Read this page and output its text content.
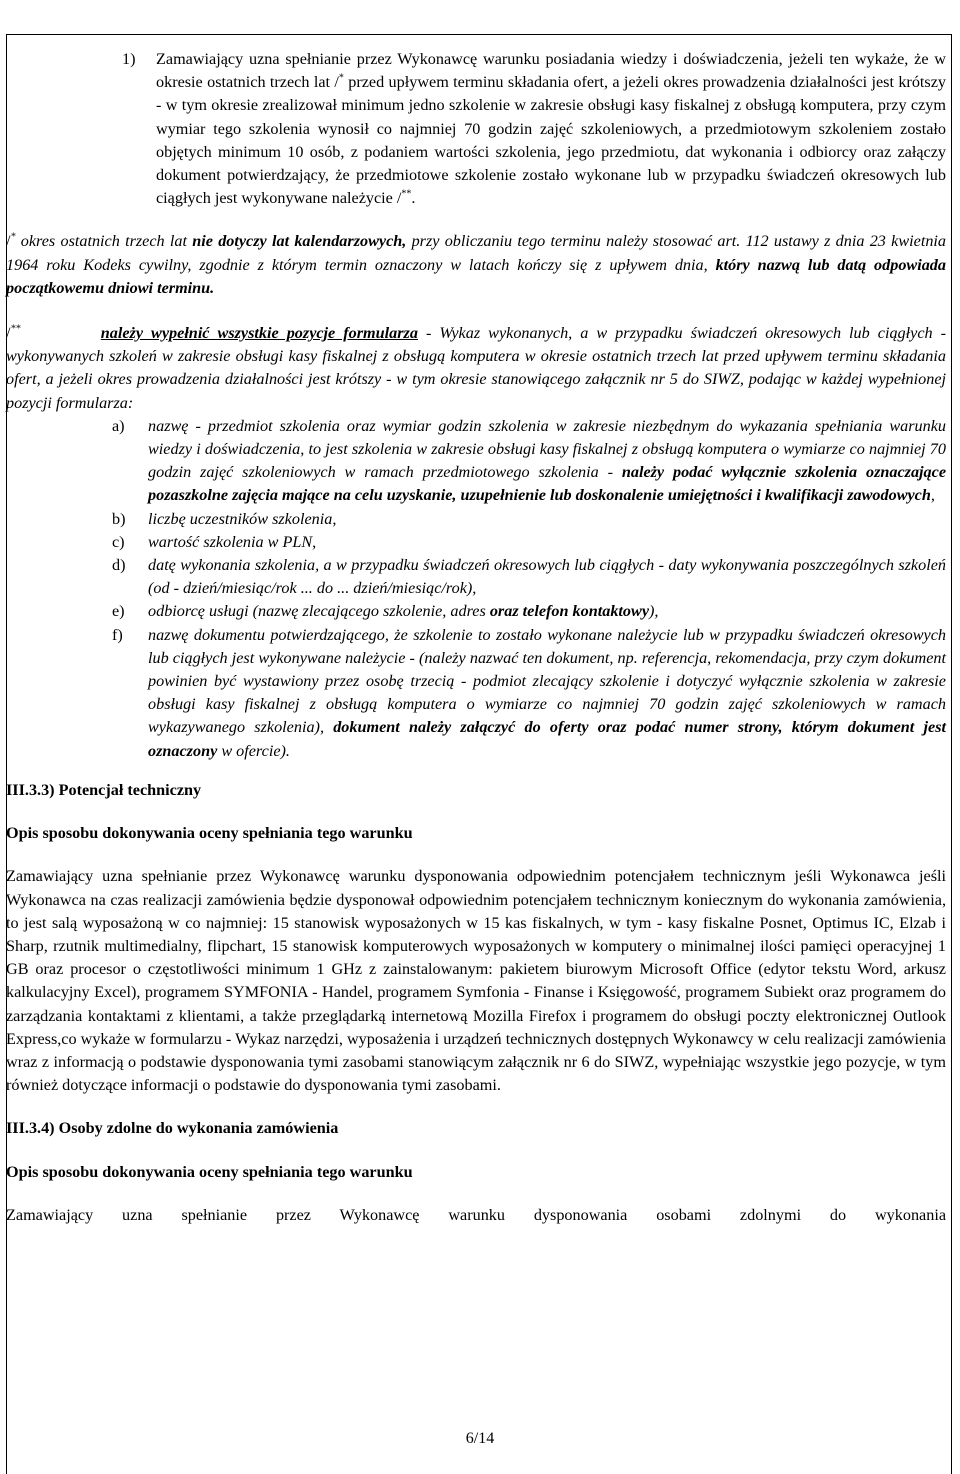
1) Zamawiający uzna spełnianie przez Wykonawcę warunku posiadania wiedzy i doświadczenia, jeżeli ten wykaże, że w okresie ostatnich trzech lat /* przed upływem terminu składania ofert, a jeżeli okres prowadzenia działalności jest krótszy - w tym okresie zrealizował minimum jedno szkolenie w zakresie obsługi kasy fiskalnej z obsługą komputera, przy czym wymiar tego szkolenia wynosił co najmniej 70 godzin zajęć szkoleniowych, a przedmiotowym szkoleniem zostało objętych minimum 10 osób, z podaniem wartości szkolenia, jego przedmiotu, dat wykonania i odbiorcy oraz załączy dokument potwierdzający, że przedmiotowe szkolenie zostało wykonane lub w przypadku świadczeń okresowych lub ciągłych jest wykonywane należycie /**.
/* okres ostatnich trzech lat nie dotyczy lat kalendarzowych, przy obliczaniu tego terminu należy stosować art. 112 ustawy z dnia 23 kwietnia 1964 roku Kodeks cywilny, zgodnie z którym termin oznaczony w latach kończy się z upływem dnia, który nazwą lub datą odpowiada początkowemu dniowi terminu.
/**	należy wypełnić wszystkie pozycje formularza - Wykaz wykonanych, a w przypadku świadczeń okresowych lub ciągłych - wykonywanych szkoleń w zakresie obsługi kasy fiskalnej z obsługą komputera w okresie ostatnich trzech lat przed upływem terminu składania ofert, a jeżeli okres prowadzenia działalności jest krótszy - w tym okresie stanowiącego załącznik nr 5 do SIWZ, podając w każdej wypełnionej pozycji formularza:
a) nazwę - przedmiot szkolenia oraz wymiar godzin szkolenia w zakresie niezbędnym do wykazania spełniania warunku wiedzy i doświadczenia, to jest szkolenia w zakresie obsługi kasy fiskalnej z obsługą komputera o wymiarze co najmniej 70 godzin zajęć szkoleniowych w ramach przedmiotowego szkolenia - należy podać wyłącznie szkolenia oznaczające pozaszkolne zajęcia mające na celu uzyskanie, uzupełnienie lub doskonalenie umiejętności i kwalifikacji zawodowych,
b) liczbę uczestników szkolenia,
c) wartość szkolenia w PLN,
d) datę wykonania szkolenia, a w przypadku świadczeń okresowych lub ciągłych - daty wykonywania poszczególnych szkoleń (od - dzień/miesiąc/rok ... do ... dzień/miesiąc/rok),
e) odbiorcę usługi (nazwę zlecającego szkolenie, adres oraz telefon kontaktowy),
f) nazwę dokumentu potwierdzającego, że szkolenie to zostało wykonane należycie lub w przypadku świadczeń okresowych lub ciągłych jest wykonywane należycie - (należy nazwać ten dokument, np. referencja, rekomendacja, przy czym dokument powinien być wystawiony przez osobę trzecią - podmiot zlecający szkolenie i dotyczyć wyłącznie szkolenia w zakresie obsługi kasy fiskalnej z obsługą komputera o wymiarze co najmniej 70 godzin zajęć szkoleniowych w ramach wykazywanego szkolenia), dokument należy załączyć do oferty oraz podać numer strony, którym dokument jest oznaczony w ofercie).
III.3.3) Potencjał techniczny
Opis sposobu dokonywania oceny spełniania tego warunku
Zamawiający uzna spełnianie przez Wykonawcę warunku dysponowania odpowiednim potencjałem technicznym jeśli Wykonawca jeśli Wykonawca na czas realizacji zamówienia będzie dysponował odpowiednim potencjałem technicznym koniecznym do wykonania zamówienia, to jest salą wyposażoną w co najmniej: 15 stanowisk wyposażonych w 15 kas fiskalnych, w tym - kasy fiskalne Posnet, Optimus IC, Elzab i Sharp, rzutnik multimedialny, flipchart, 15 stanowisk komputerowych wyposażonych w komputery o minimalnej ilości pamięci operacyjnej 1 GB oraz procesor o częstotliwości minimum 1 GHz z zainstalowanym: pakietem biurowym Microsoft Office (edytor tekstu Word, arkusz kalkulacyjny Excel), programem SYMFONIA - Handel, programem Symfonia - Finanse i Księgowość, programem Subiekt oraz programem do zarządzania kontaktami z klientami, a także przeglądarką internetową Mozilla Firefox i programem do obsługi poczty elektronicznej Outlook Express,co wykaże w formularzu - Wykaz narzędzi, wyposażenia i urządzeń technicznych dostępnych Wykonawcy w celu realizacji zamówienia wraz z informacją o podstawie dysponowania tymi zasobami stanowiącym załącznik nr 6 do SIWZ, wypełniając wszystkie jego pozycje, w tym również dotyczące informacji o podstawie do dysponowania tymi zasobami.
III.3.4) Osoby zdolne do wykonania zamówienia
Opis sposobu dokonywania oceny spełniania tego warunku
Zamawiający uzna spełnianie przez Wykonawcę warunku dysponowania osobami zdolnymi do wykonania
6/14
